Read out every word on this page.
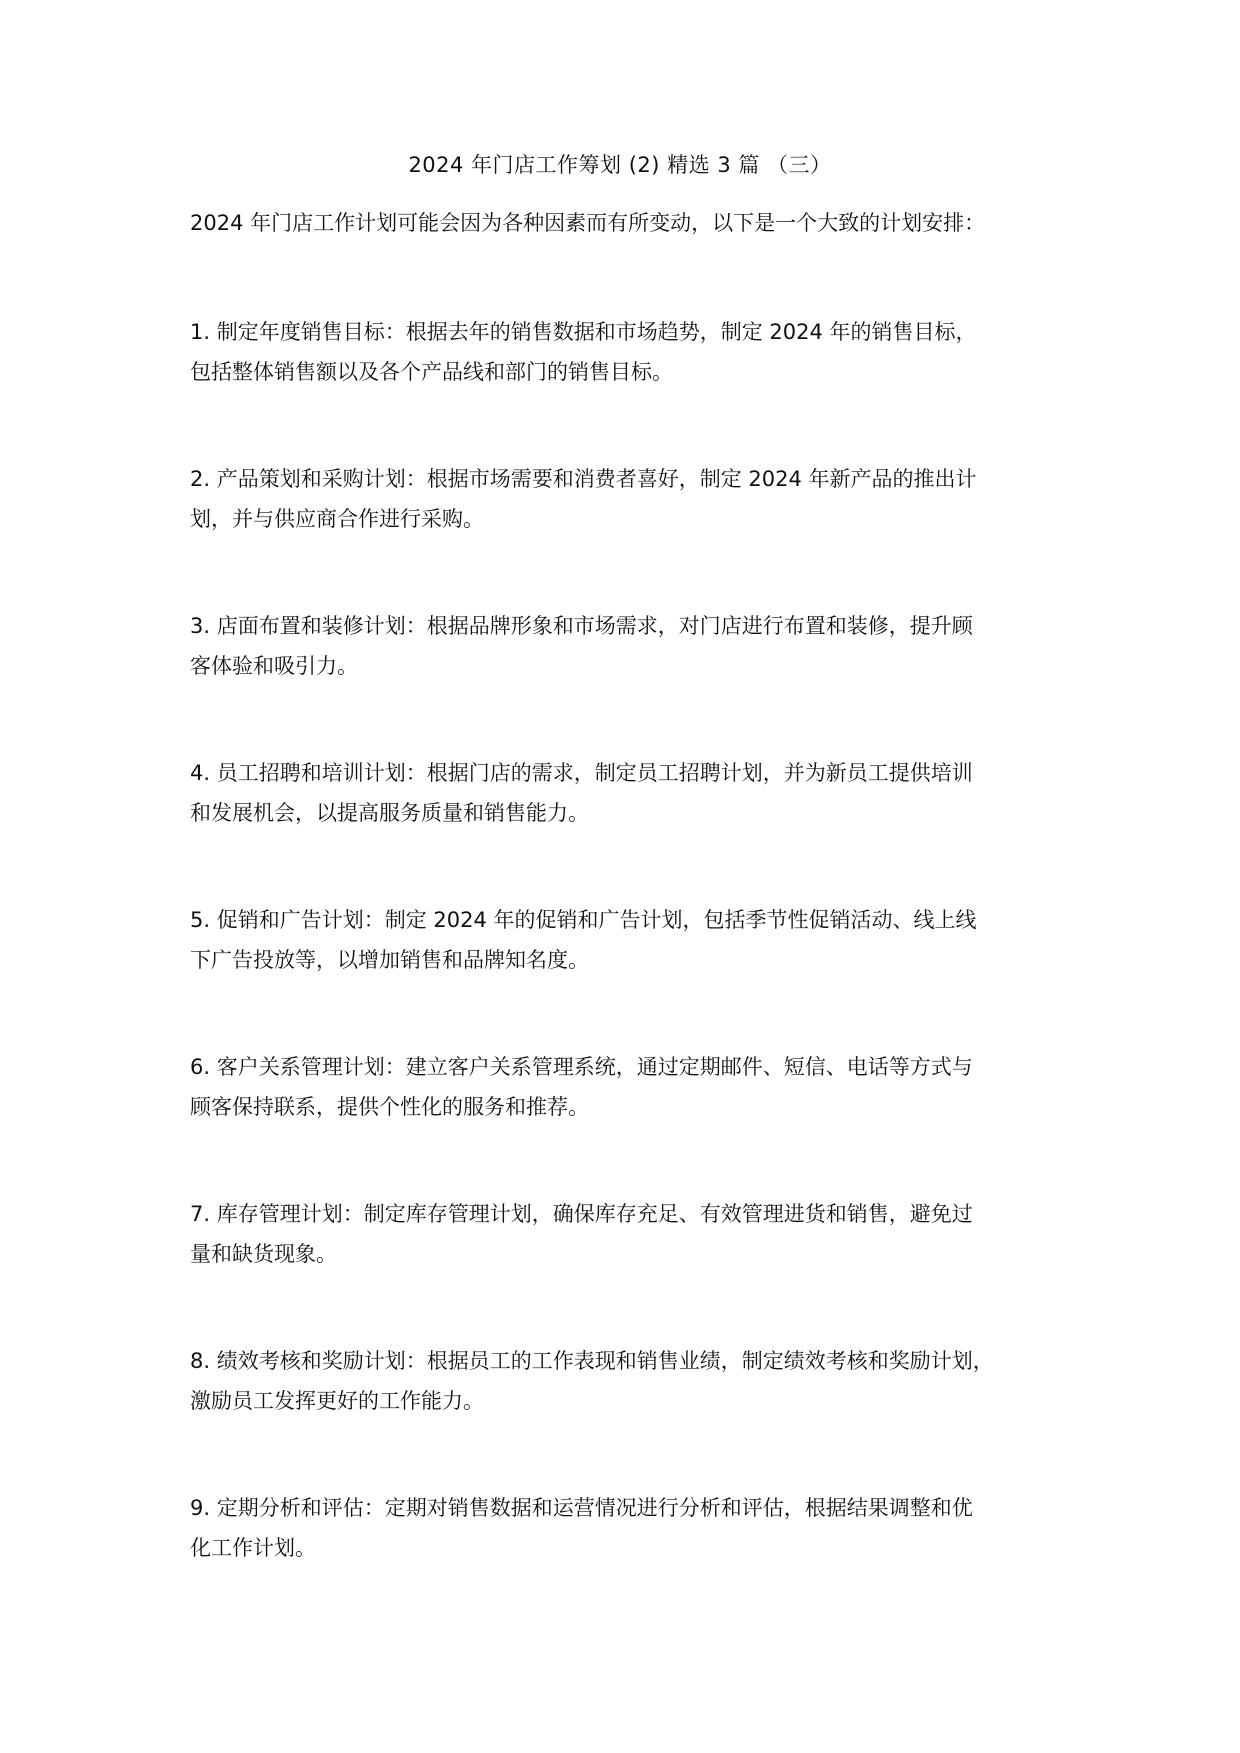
2024 年门店工作筹划 (2) 精选 3 篇 （三）
2024 年门店工作计划可能会因为各种因素而有所变动，以下是一个大致的计划安排：

1. 制定年度销售目标：根据去年的销售数据和市场趋势，制定 2024 年的销售目标，
包括整体销售额以及各个产品线和部门的销售目标。

2. 产品策划和采购计划：根据市场需要和消费者喜好，制定 2024 年新产品的推出计
划，并与供应商合作进行采购。

3. 店面布置和装修计划：根据品牌形象和市场需求，对门店进行布置和装修，提升顾
客体验和吸引力。

4. 员工招聘和培训计划：根据门店的需求，制定员工招聘计划，并为新员工提供培训
和发展机会，以提高服务质量和销售能力。

5. 促销和广告计划：制定 2024 年的促销和广告计划，包括季节性促销活动、线上线
下广告投放等，以增加销售和品牌知名度。

6. 客户关系管理计划：建立客户关系管理系统，通过定期邮件、短信、电话等方式与
顾客保持联系，提供个性化的服务和推荐。

7. 库存管理计划：制定库存管理计划，确保库存充足、有效管理进货和销售，避免过
量和缺货现象。

8. 绩效考核和奖励计划：根据员工的工作表现和销售业绩，制定绩效考核和奖励计划，
激励员工发挥更好的工作能力。

9. 定期分析和评估：定期对销售数据和运营情况进行分析和评估，根据结果调整和优
化工作计划。
